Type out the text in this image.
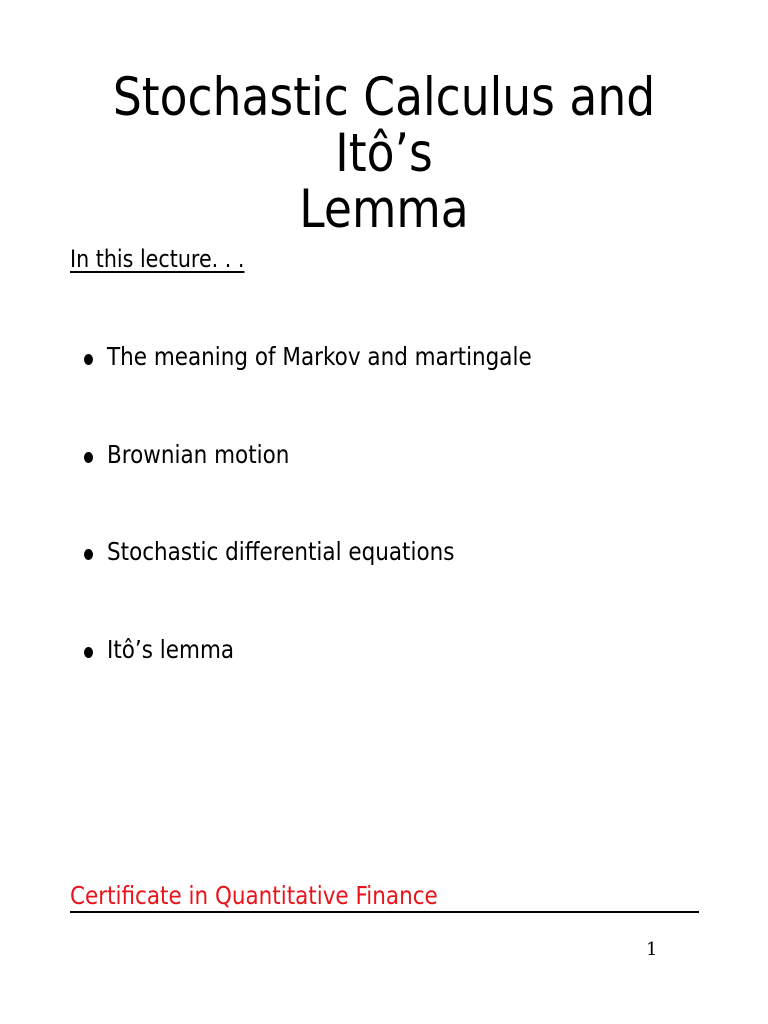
Stochastic Calculus and Itô’s
Lemma
In this lecture. . .
The meaning of Markov and martingale
Brownian motion
Stochastic differential equations
Itô’s lemma
Certificate in Quantitative Finance
1
